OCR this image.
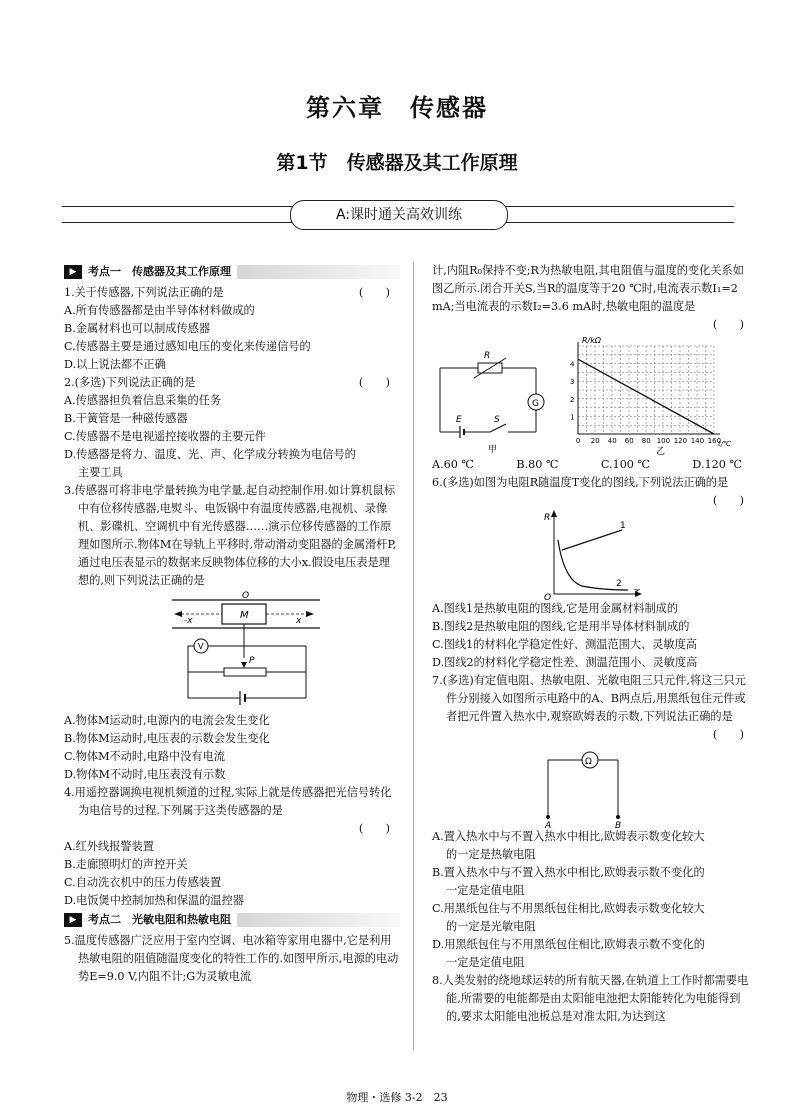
第六章　传感器
第1节　传感器及其工作原理
A:课时通关高效训练
▶	考点一　传感器及其工作原理

1.关于传感器,下列说法正确的是	(　　)

A.所有传感器都是由半导体材料做成的

B.金属材料也可以制成传感器

C.传感器主要是通过感知电压的变化来传递信号的

D.以上说法都不正确

2.(多选)下列说法正确的是	(　　)

A.传感器担负着信息采集的任务

B.干簧管是一种磁传感器

C.传感器不是电视遥控接收器的主要元件

D.传感器是将力、温度、光、声、化学成分转换为电信号的

主要工具

3.传感器可将非电学量转换为电学量,起自动控制作用.如计算机鼠标中有位移传感器,电熨斗、电饭锅中有温度传感器,电视机、录像机、影碟机、空调机中有光传感器……演示位移传感器的工作原理如图所示.物体M在导轨上平移时,带动滑动变阻器的金属滑杆P,通过电压表显示的数据来反映物体位移的大小x.假设电压表是理想的,则下列说法正确的是

O
-x	x
M
V
P

A.物体M运动时,电源内的电流会发生变化

B.物体M运动时,电压表的示数会发生变化

C.物体M不动时,电路中没有电流

D.物体M不动时,电压表没有示数

4.用遥控器调换电视机频道的过程,实际上就是传感器把光信号转化为电信号的过程.下列属于这类传感器的是

(　　)

A.红外线报警装置

B.走廊照明灯的声控开关

C.自动洗衣机中的压力传感装置

D.电饭煲中控制加热和保温的温控器

▶	考点二　光敏电阻和热敏电阻

5.温度传感器广泛应用于室内空调、电冰箱等家用电器中,它是利用热敏电阻的阻值随温度变化的特性工作的.如图甲所示,电源的电动势E=9.0 V,内阻不计;G为灵敏电流

计,内阻R₀保持不变;R为热敏电阻,其电阻值与温度的变化关系如图乙所示.闭合开关S,当R的温度等于20 ℃时,电流表示数I₁=2 mA;当电流表的示数I₂=3.6 mA时,热敏电阻的温度是

(　　)
R
G
E	S
甲
0 20 40 60 80 100 120 140 160
1
2
3
4
R/kΩ
t/℃
乙
A.60 ℃	B.80 ℃	C.100 ℃	D.120 ℃

6.(多选)如图为电阻R随温度T变化的图线,下列说法正确的是

(　　)
R
T
O
1
2

A.图线1是热敏电阻的图线,它是用金属材料制成的

B.图线2是热敏电阻的图线,它是用半导体材料制成的

C.图线1的材料化学稳定性好、测温范围大、灵敏度高

D.图线2的材料化学稳定性差、测温范围小、灵敏度高

7.(多选)有定值电阻、热敏电阻、光敏电阻三只元件,将这三只元件分别接入如图所示电路中的A、B两点后,用黑纸包住元件或者把元件置入热水中,观察欧姆表的示数,下列说法正确的是
(　　)

Ω
A	B

A.置入热水中与不置入热水中相比,欧姆表示数变化较大

的一定是热敏电阻

B.置入热水中与不置入热水中相比,欧姆表示数不变化的

一定是定值电阻

C.用黑纸包住与不用黑纸包住相比,欧姆表示数变化较大

的一定是光敏电阻

D.用黑纸包住与不用黑纸包住相比,欧姆表示数不变化的

一定是定值电阻

8.人类发射的绕地球运转的所有航天器,在轨道上工作时都需要电能,所需要的电能都是由太阳能电池把太阳能转化为电能得到的,要求太阳能电池板总是对准太阳,为达到这

物理・选修 3-2　23
